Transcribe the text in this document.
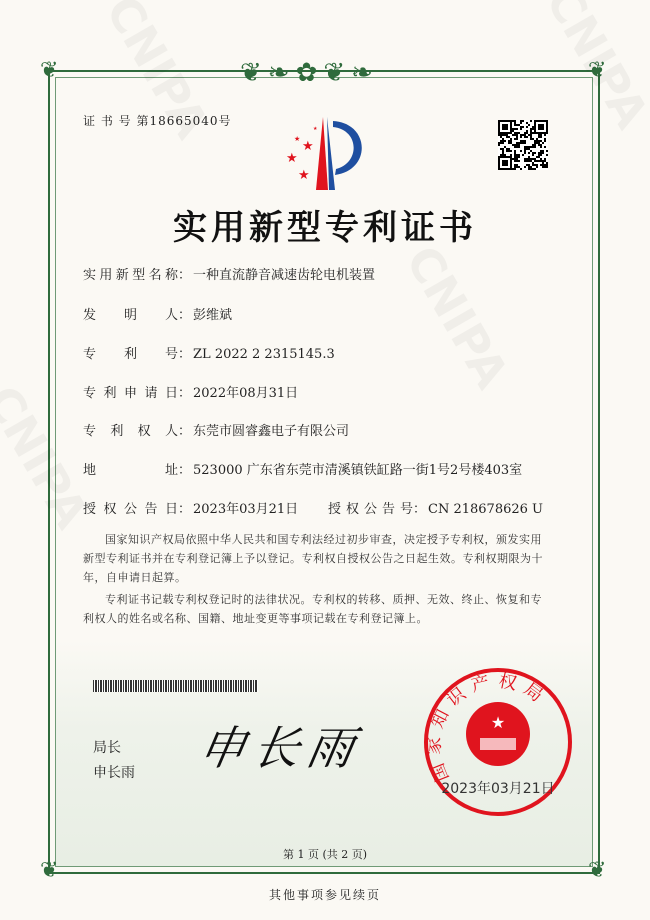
❦❧✿❦❧
❦	❦
❦	❦
证 书 号 第18665040号
★
★
★
★
★
实用新型专利证书
实用新型名称： 一种直流静音减速齿轮电机装置
发明人： 彭维斌
专利号： ZL 2022 2 2315145.3
专利申请日： 2022年08月31日
专利权人： 东莞市圆睿鑫电子有限公司
地址： 523000 广东省东莞市清溪镇铁缸路一街1号2号楼403室
授权公告日： 2023年03月21日 授权公告号： CN 218678626 U
国家知识产权局依照中华人民共和国专利法经过初步审查，决定授予专利权，颁发实用新型专利证书并在专利登记簿上予以登记。专利权自授权公告之日起生效。专利权期限为十年，自申请日起算。
专利证书记载专利权登记时的法律状况。专利权的转移、质押、无效、终止、恢复和专利权人的姓名或名称、国籍、地址变更等事项记载在专利登记簿上。
局长
申长雨 申长雨	国家知识产权局
★
2023年03月21日
第 1 页 (共 2 页)
其他事项参见续页
